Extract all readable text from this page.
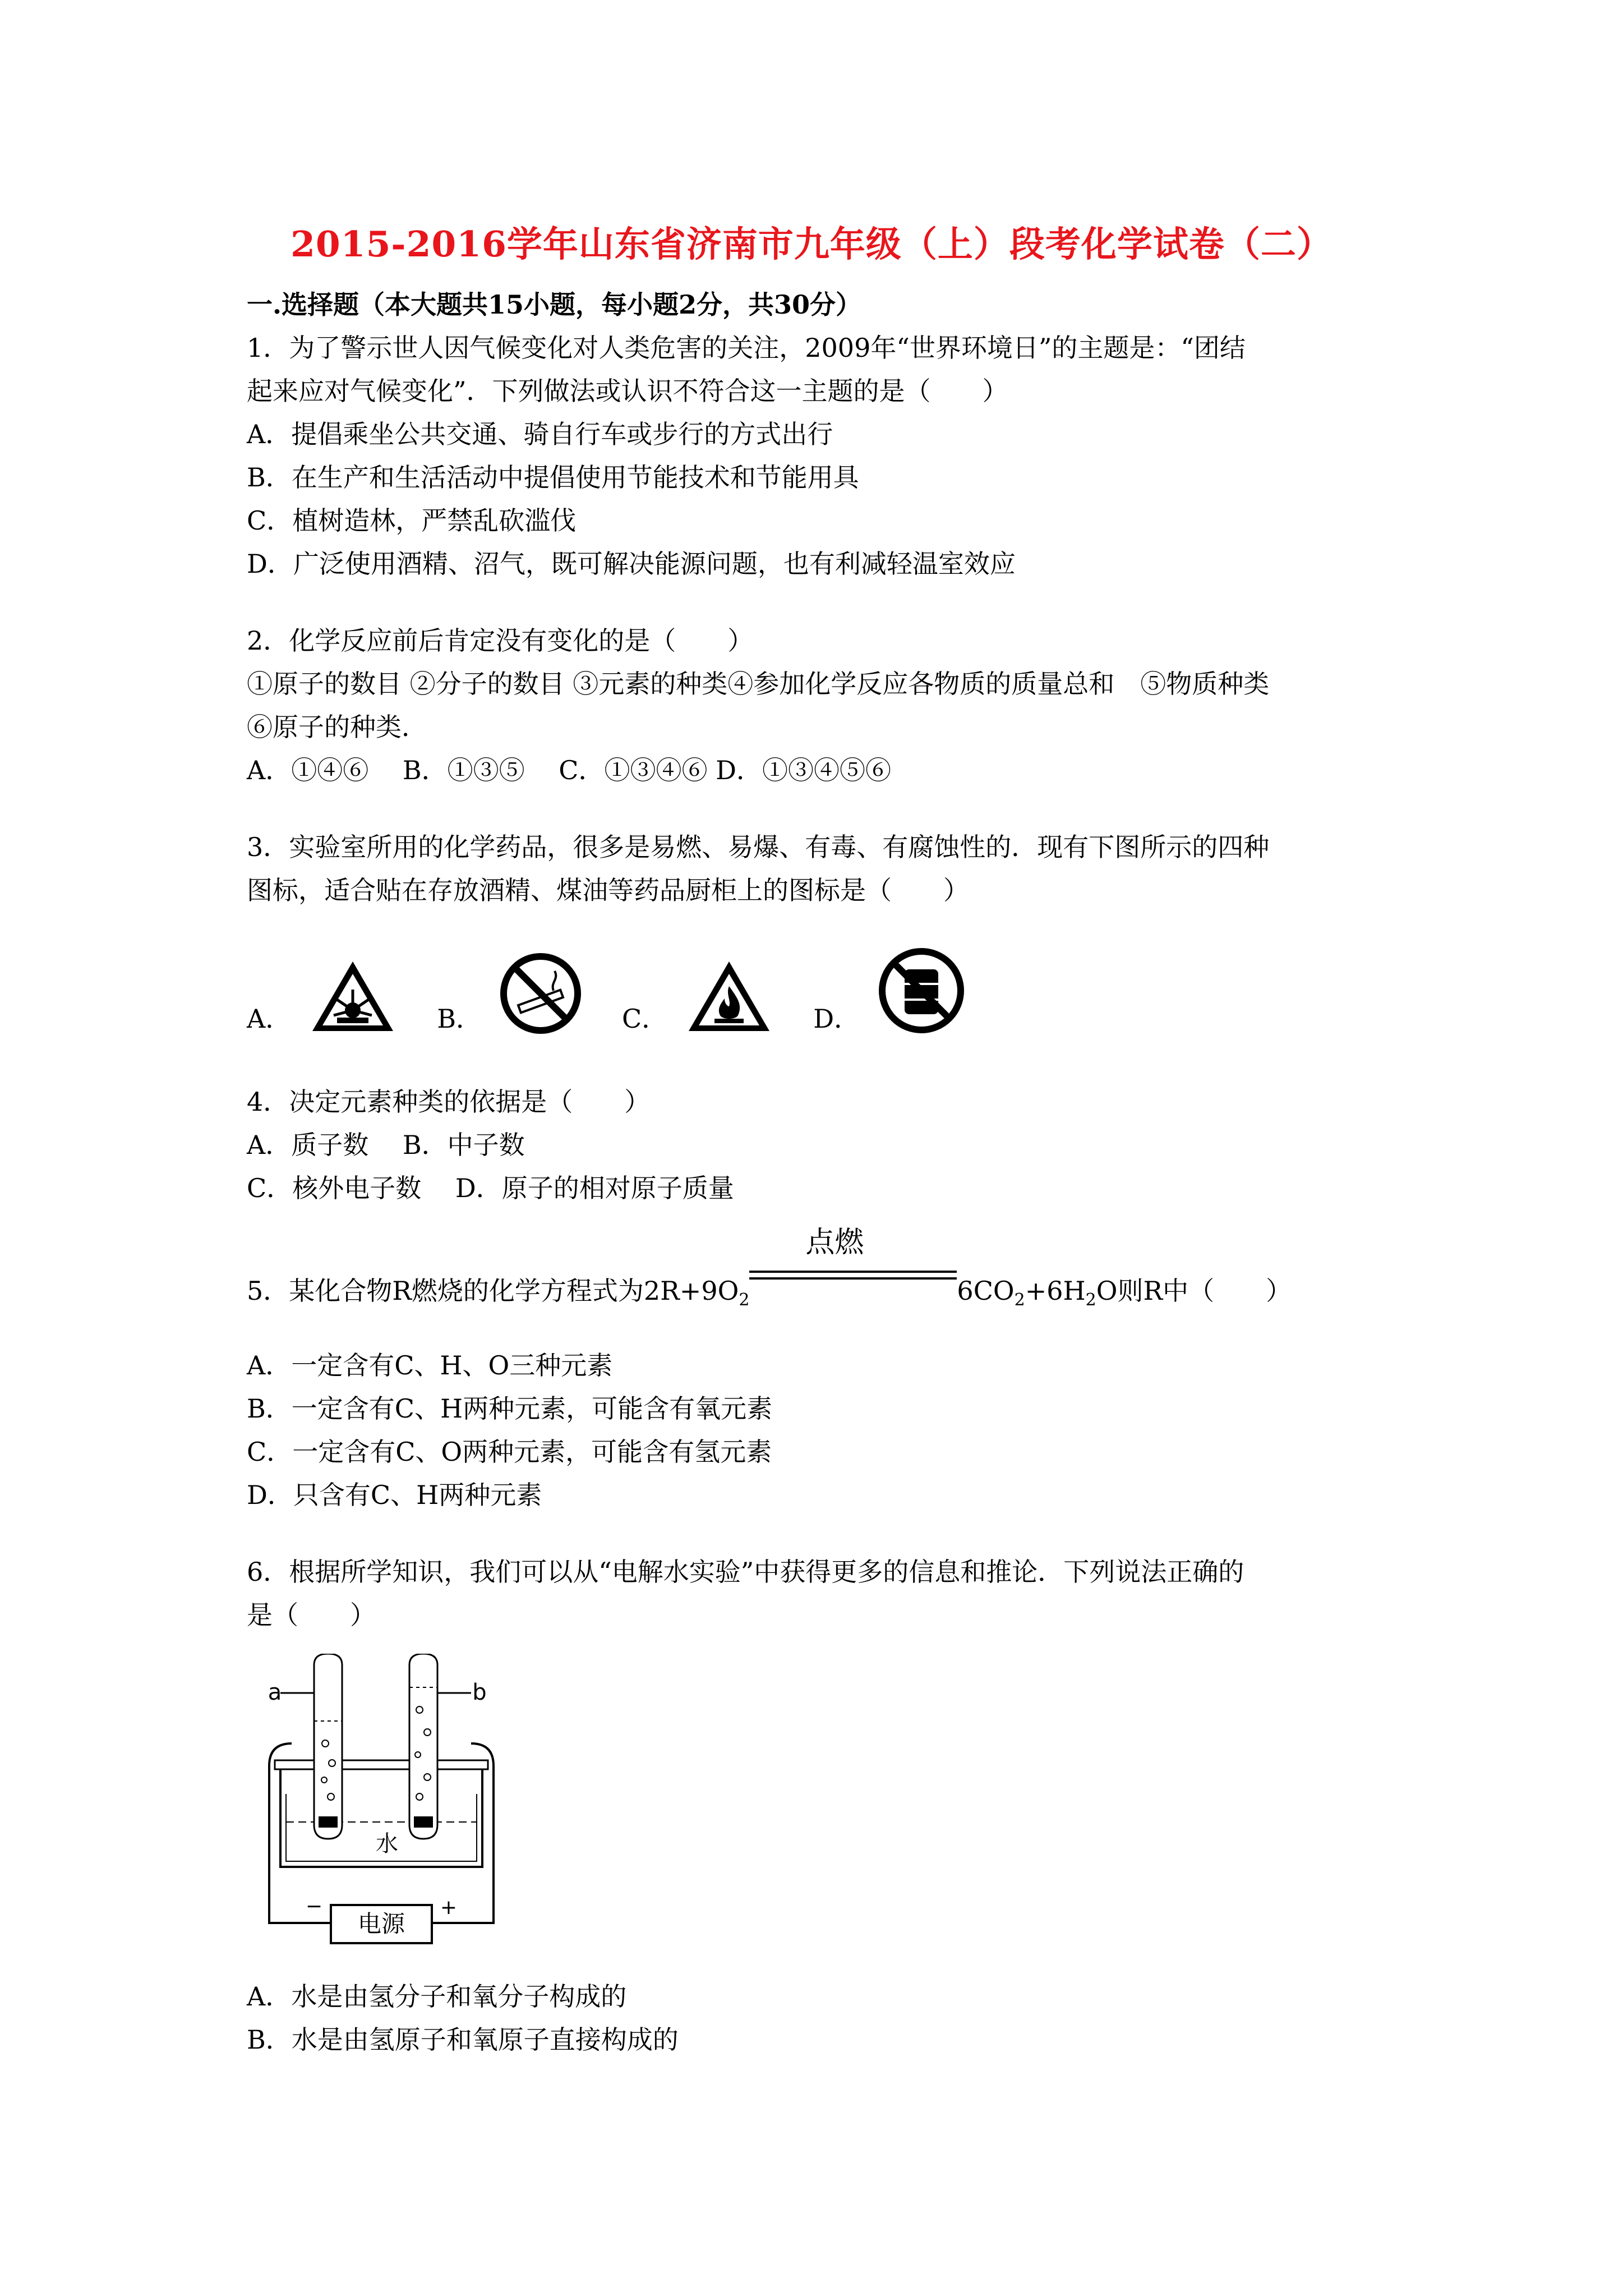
2015-2016学年山东省济南市九年级（上）段考化学试卷（二）
一.选择题（本大题共15小题，每小题2分，共30分）
1．为了警示世人因气候变化对人类危害的关注，2009年“世界环境日”的主题是：“团结
起来应对气候变化”．下列做法或认识不符合这一主题的是（　　）
A．提倡乘坐公共交通、骑自行车或步行的方式出行
B．在生产和生活活动中提倡使用节能技术和节能用具
C．植树造林，严禁乱砍滥伐
D．广泛使用酒精、沼气，既可解决能源问题，也有利减轻温室效应
2．化学反应前后肯定没有变化的是（　　）
①原子的数目 ②分子的数目 ③元素的种类④参加化学反应各物质的质量总和　⑤物质种类
⑥原子的种类．
A．①④⑥　 B．①③⑤　 C．①③④⑥ D．①③④⑤⑥
3．实验室所用的化学药品，很多是易燃、易爆、有毒、有腐蚀性的．现有下图所示的四种
图标，适合贴在存放酒精、煤油等药品厨柜上的图标是（　　）
A．	B．	C．	D．
4．决定元素种类的依据是（　　）
A．质子数　 B．中子数
C．核外电子数　 D．原子的相对原子质量
5．某化合物R燃烧的化学方程式为$2R+9O_2$
点燃
$6CO_2+6H_2O$则R中（　　）
A．一定含有C、H、O三种元素
B．一定含有C、H两种元素，可能含有氧元素
C．一定含有C、O两种元素，可能含有氢元素
D．只含有C、H两种元素
6．根据所学知识，我们可以从“电解水实验”中获得更多的信息和推论．下列说法正确的
是（　　）
电源
−	+
水
a	b
A．水是由氢分子和氧分子构成的
B．水是由氢原子和氧原子直接构成的
